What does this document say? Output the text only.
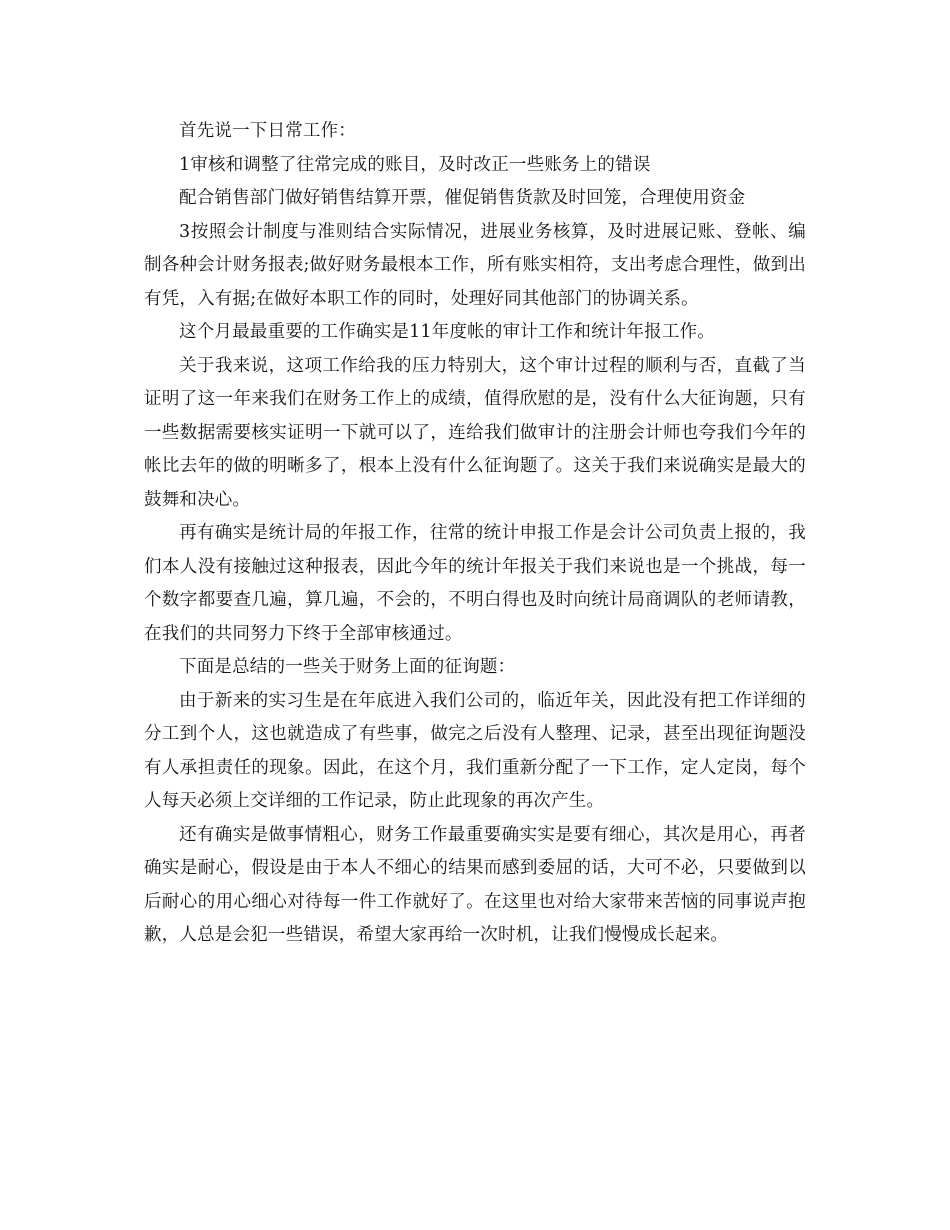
首先说一下日常工作：

1审核和调整了往常完成的账目，及时改正一些账务上的错误

配合销售部门做好销售结算开票，催促销售货款及时回笼，合理使用资金

3按照会计制度与准则结合实际情况，进展业务核算，及时进展记账、登帐、编制各种会计财务报表;做好财务最根本工作，所有账实相符，支出考虑合理性，做到出有凭，入有据;在做好本职工作的同时，处理好同其他部门的协调关系。

这个月最最重要的工作确实是11年度帐的审计工作和统计年报工作。

关于我来说，这项工作给我的压力特别大，这个审计过程的顺利与否，直截了当证明了这一年来我们在财务工作上的成绩，值得欣慰的是，没有什么大征询题，只有一些数据需要核实证明一下就可以了，连给我们做审计的注册会计师也夸我们今年的帐比去年的做的明晰多了，根本上没有什么征询题了。这关于我们来说确实是最大的鼓舞和决心。

再有确实是统计局的年报工作，往常的统计申报工作是会计公司负责上报的，我们本人没有接触过这种报表，因此今年的统计年报关于我们来说也是一个挑战，每一个数字都要查几遍，算几遍，不会的，不明白得也及时向统计局商调队的老师请教，在我们的共同努力下终于全部审核通过。

下面是总结的一些关于财务上面的征询题：

由于新来的实习生是在年底进入我们公司的，临近年关，因此没有把工作详细的分工到个人，这也就造成了有些事，做完之后没有人整理、记录，甚至出现征询题没有人承担责任的现象。因此，在这个月，我们重新分配了一下工作，定人定岗，每个人每天必须上交详细的工作记录，防止此现象的再次产生。

还有确实是做事情粗心，财务工作最重要确实实是要有细心，其次是用心，再者确实是耐心，假设是由于本人不细心的结果而感到委屈的话，大可不必，只要做到以后耐心的用心细心对待每一件工作就好了。在这里也对给大家带来苦恼的同事说声抱歉，人总是会犯一些错误，希望大家再给一次时机，让我们慢慢成长起来。
